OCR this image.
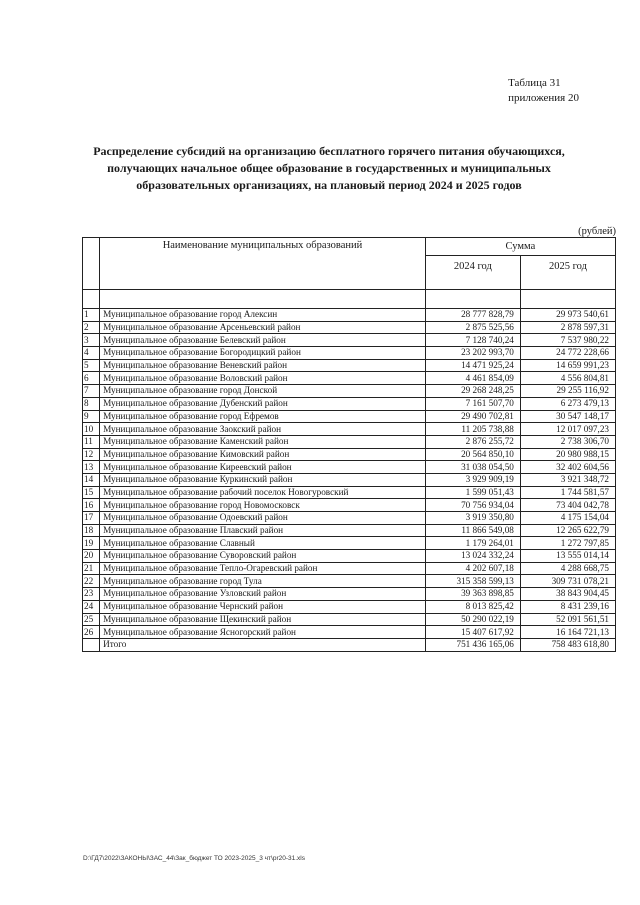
Таблица 31
приложения 20
Распределение субсидий на организацию бесплатного горячего питания обучающихся,
получающих начальное общее образование в государственных и муниципальных
образовательных организациях, на плановый период 2024 и 2025 годов
(рублей)
	Наименование муниципальных образований	Сумма	
		2024 год	2025 год

1	Муниципальное образование город Алексин	28 777 828,79	29 973 540,61
2	Муниципальное образование Арсеньевский район	2 875 525,56	2 878 597,31
3	Муниципальное образование Белевский район	7 128 740,24	7 537 980,22
4	Муниципальное образование Богородицкий район	23 202 993,70	24 772 228,66
5	Муниципальное образование Веневский район	14 471 925,24	14 659 991,23
6	Муниципальное образование Воловский район	4 461 854,09	4 556 804,81
7	Муниципальное образование город Донской	29 268 248,25	29 255 116,92
8	Муниципальное образование Дубенский район	7 161 507,70	6 273 479,13
9	Муниципальное образование город Ефремов	29 490 702,81	30 547 148,17
10	Муниципальное образование Заокский район	11 205 738,88	12 017 097,23
11	Муниципальное образование Каменский район	2 876 255,72	2 738 306,70
12	Муниципальное образование Кимовский район	20 564 850,10	20 980 988,15
13	Муниципальное образование Киреевский район	31 038 054,50	32 402 604,56
14	Муниципальное образование Куркинский район	3 929 909,19	3 921 348,72
15	Муниципальное образование рабочий поселок Новогуровский	1 599 051,43	1 744 581,57
16	Муниципальное образование город Новомосковск	70 756 934,04	73 404 042,78
17	Муниципальное образование Одоевский район	3 919 350,80	4 175 154,04
18	Муниципальное образование Плавский район	11 866 549,08	12 265 622,79
19	Муниципальное образование Славный	1 179 264,01	1 272 797,85
20	Муниципальное образование Суворовский район	13 024 332,24	13 555 014,14
21	Муниципальное образование Тепло-Огаревский район	4 202 607,18	4 288 668,75
22	Муниципальное образование город Тула	315 358 599,13	309 731 078,21
23	Муниципальное образование Узловский район	39 363 898,85	38 843 904,45
24	Муниципальное образование Чернский район	8 013 825,42	8 431 239,16
25	Муниципальное образование Щекинский район	50 290 022,19	52 091 561,51
26	Муниципальное образование Ясногорский район	15 407 617,92	16 164 721,13
	Итого	751 436 165,06	758 483 618,80
D:\ГД7\2022\ЗАКОНЫ\ЗАС_44\Зак_бюджет ТО 2023-2025_3 чт\pr20-31.xls
